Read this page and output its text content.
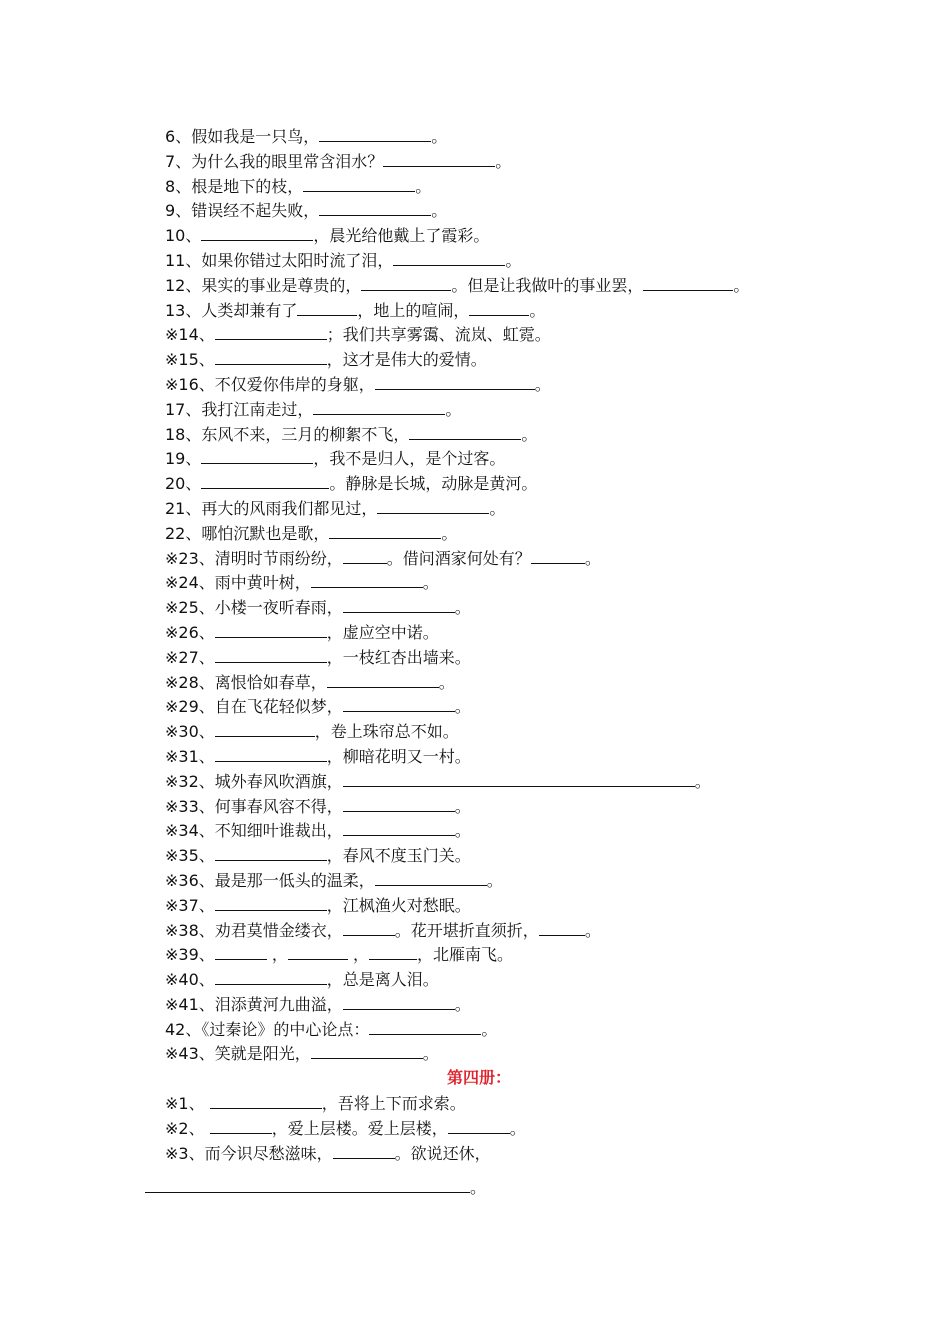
6、假如我是一只鸟，	。
7、为什么我的眼里常含泪水？	。
8、根是地下的枝，	。
9、错误经不起失败，	。
10、	，晨光给他戴上了霞彩。
11、如果你错过太阳时流了泪，	。
12、果实的事业是尊贵的，	。但是让我做叶的事业罢，	。
13、人类却兼有了	，地上的喧闹，	。
※14、	；我们共享雾霭、流岚、虹霓。
※15、	，这才是伟大的爱情。
※16、不仅爱你伟岸的身躯，	。
17、我打江南走过，	。
18、东风不来，三月的柳絮不飞，	。
19、	，我不是归人，是个过客。
20、	。静脉是长城，动脉是黄河。
21、再大的风雨我们都见过，	。
22、哪怕沉默也是歌，	。
※23、清明时节雨纷纷，	。借问酒家何处有？	。
※24、雨中黄叶树，	。
※25、小楼一夜听春雨，	。
※26、	，虚应空中诺。
※27、	，一枝红杏出墙来。
※28、离恨恰如春草，	。
※29、自在飞花轻似梦，	。
※30、	，卷上珠帘总不如。
※31、	，柳暗花明又一村。
※32、城外春风吹酒旗，	。
※33、何事春风容不得，	。
※34、不知细叶谁裁出，	。
※35、	，春风不度玉门关。
※36、最是那一低头的温柔，	。
※37、	，江枫渔火对愁眠。
※38、劝君莫惜金缕衣，	。花开堪折直须折，	。
※39、	，	，	，北雁南飞。
※40、	，总是离人泪。
※41、泪添黄河九曲溢，	。
42、《过秦论》的中心论点：	。
※43、笑就是阳光，	。
第四册：
※1、	，吾将上下而求索。
※2、	，爱上层楼。爱上层楼，	。
※3、而今识尽愁滋味，	。欲说还休，
。
